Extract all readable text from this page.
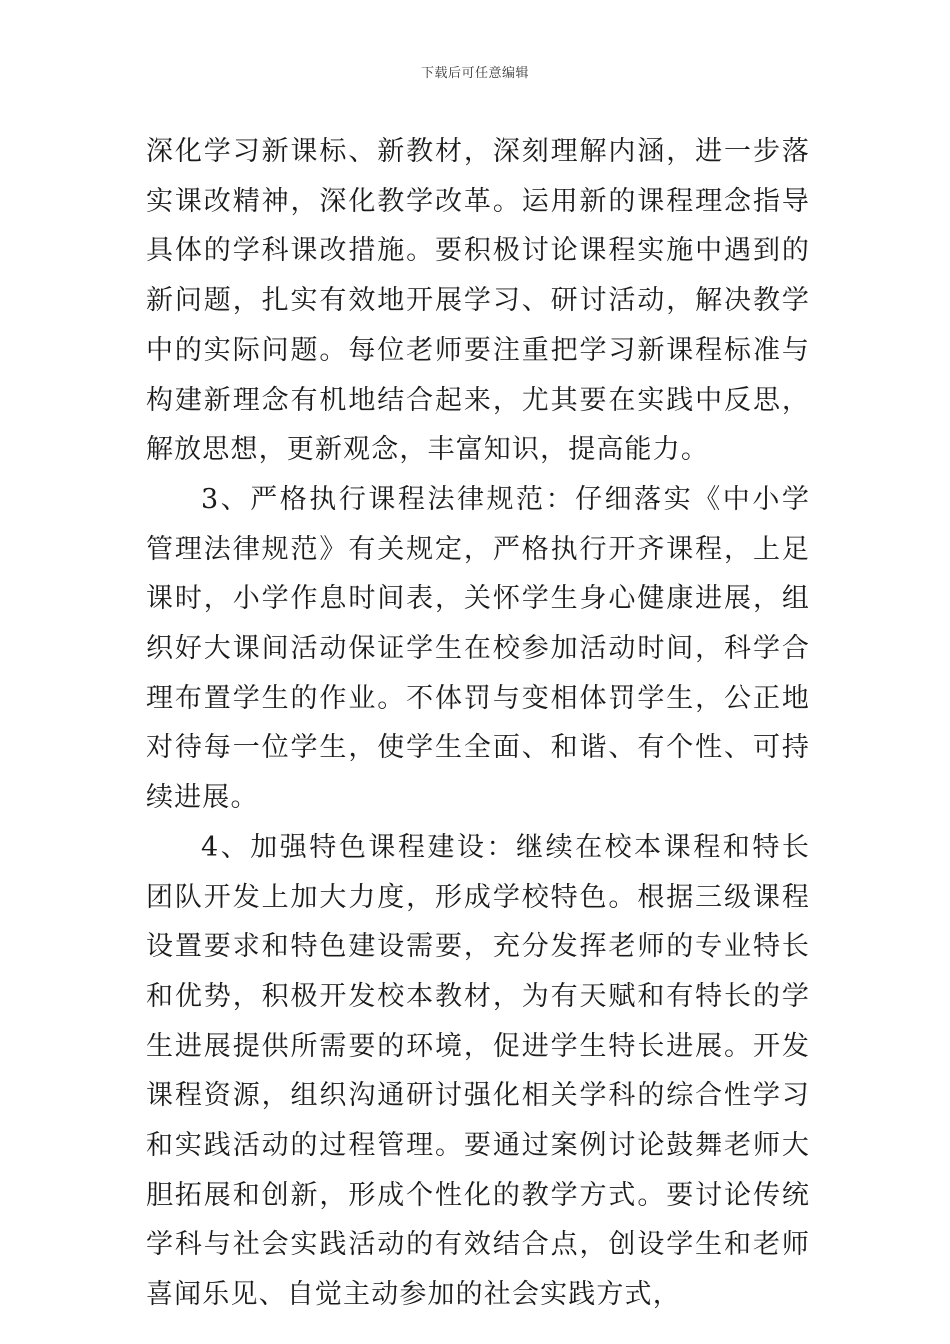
下载后可任意编辑

深化学习新课标、新教材，深刻理解内涵，进一步落实课改精神，深化教学改革。运用新的课程理念指导具体的学科课改措施。要积极讨论课程实施中遇到的新问题，扎实有效地开展学习、研讨活动，解决教学中的实际问题。每位老师要注重把学习新课程标准与构建新理念有机地结合起来，尤其要在实践中反思，解放思想，更新观念，丰富知识，提高能力。

3、严格执行课程法律规范：仔细落实《中小学管理法律规范》有关规定，严格执行开齐课程，上足课时，小学作息时间表，关怀学生身心健康进展，组织好大课间活动保证学生在校参加活动时间，科学合理布置学生的作业。不体罚与变相体罚学生，公正地对待每一位学生，使学生全面、和谐、有个性、可持续进展。

4、加强特色课程建设：继续在校本课程和特长团队开发上加大力度，形成学校特色。根据三级课程设置要求和特色建设需要，充分发挥老师的专业特长和优势，积极开发校本教材，为有天赋和有特长的学生进展提供所需要的环境，促进学生特长进展。开发课程资源，组织沟通研讨强化相关学科的综合性学习和实践活动的过程管理。要通过案例讨论鼓舞老师大胆拓展和创新，形成个性化的教学方式。要讨论传统学科与社会实践活动的有效结合点，创设学生和老师喜闻乐见、自觉主动参加的社会实践方式，
